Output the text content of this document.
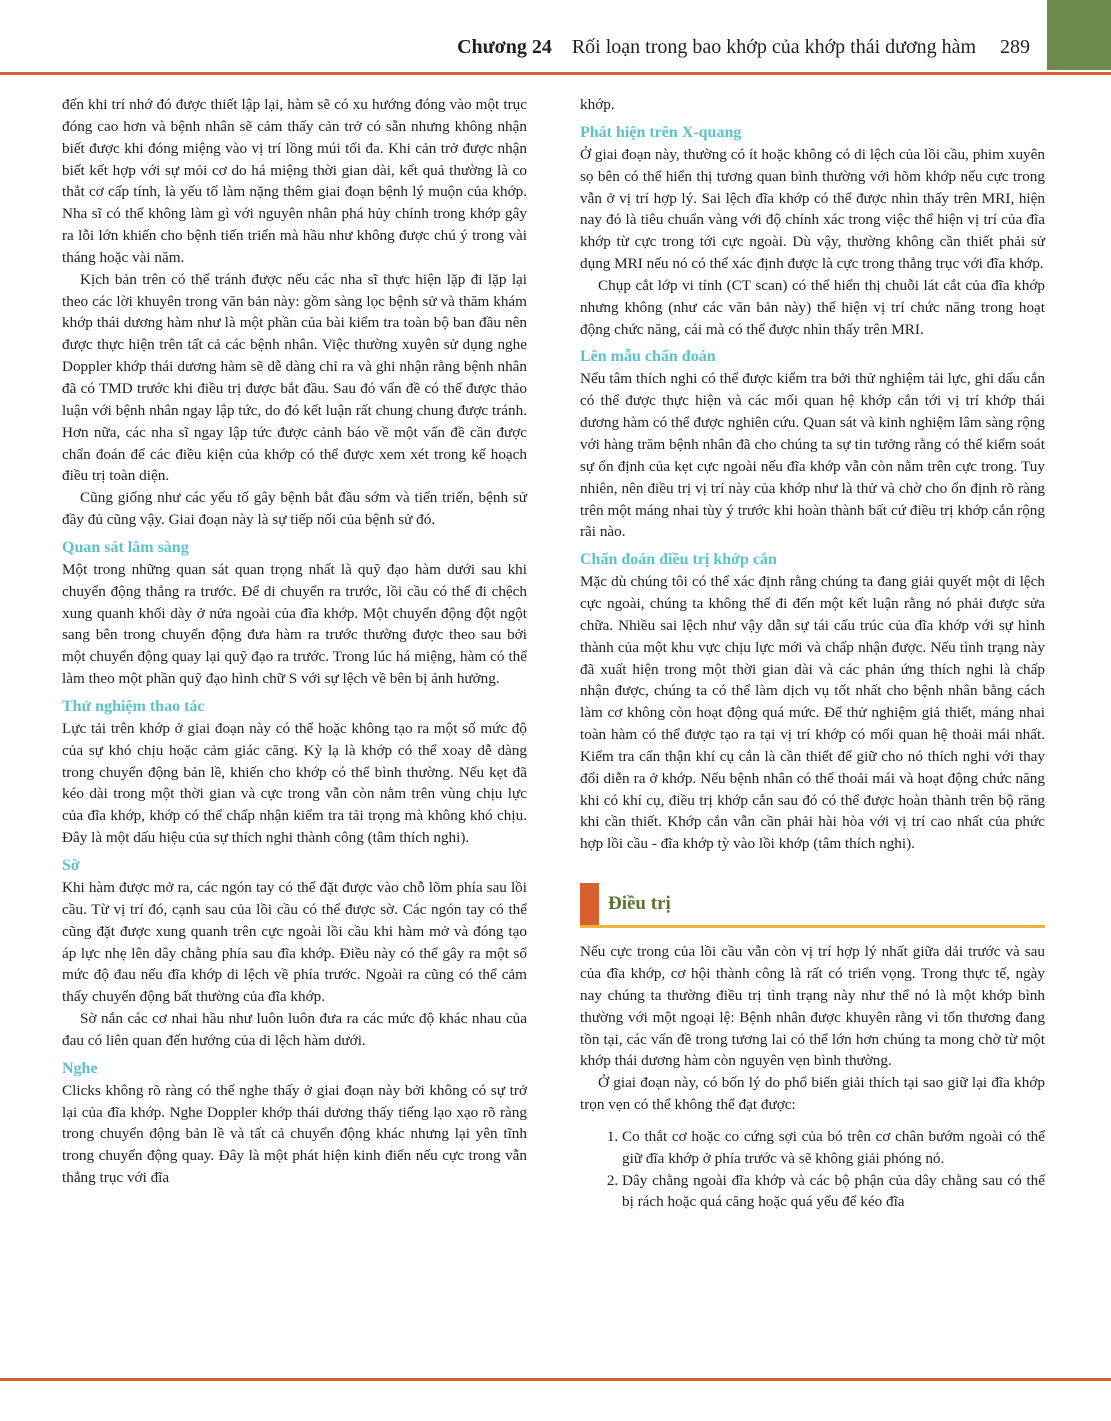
Chương 24 Rối loạn trong bao khớp của khớp thái dương hàm 289

đến khi trí nhớ đó được thiết lập lại, hàm sẽ có xu hướng đóng vào một trục đóng cao hơn và bệnh nhân sẽ cảm thấy cản trở có sẵn nhưng không nhận biết được khi đóng miệng vào vị trí lồng múi tối đa. Khi cản trở được nhận biết kết hợp với sự mỏi cơ do há miệng thời gian dài, kết quả thường là co thắt cơ cấp tính, là yếu tố làm nặng thêm giai đoạn bệnh lý muộn của khớp. Nha sĩ có thể không làm gì với nguyên nhân phá hủy chính trong khớp gây ra lỗi lớn khiến cho bệnh tiến triển mà hầu như không được chú ý trong vài tháng hoặc vài năm.

Kịch bản trên có thể tránh được nếu các nha sĩ thực hiện lặp đi lặp lại theo các lời khuyên trong văn bản này: gồm sàng lọc bệnh sử và thăm khám khớp thái dương hàm như là một phần của bài kiểm tra toàn bộ ban đầu nên được thực hiện trên tất cả các bệnh nhân. Việc thường xuyên sử dụng nghe Doppler khớp thái dương hàm sẽ dễ dàng chỉ ra và ghi nhận rằng bệnh nhân đã có TMD trước khi điều trị được bắt đầu. Sau đó vấn đề có thể được thảo luận với bệnh nhân ngay lập tức, do đó kết luận rất chung chung được tránh. Hơn nữa, các nha sĩ ngay lập tức được cảnh báo về một vấn đề cần được chẩn đoán để các điều kiện của khớp có thể được xem xét trong kế hoạch điều trị toàn diện.

Cũng giống như các yếu tố gây bệnh bắt đầu sớm và tiến triển, bệnh sử đầy đủ cũng vậy. Giai đoạn này là sự tiếp nối của bệnh sử đó.

Quan sát lâm sàng

Một trong những quan sát quan trọng nhất là quỹ đạo hàm dưới sau khi chuyển động thẳng ra trước. Để di chuyển ra trước, lồi cầu có thể đi chệch xung quanh khối dày ở nửa ngoài của đĩa khớp. Một chuyển động đột ngột sang bên trong chuyển động đưa hàm ra trước thường được theo sau bởi một chuyển động quay lại quỹ đạo ra trước. Trong lúc há miệng, hàm có thể làm theo một phần quỹ đạo hình chữ S với sự lệch về bên bị ảnh hưởng.

Thử nghiệm thao tác

Lực tải trên khớp ở giai đoạn này có thể hoặc không tạo ra một số mức độ của sự khó chịu hoặc cảm giác căng. Kỳ lạ là khớp có thể xoay dễ dàng trong chuyển động bản lề, khiến cho khớp có thể bình thường. Nếu kẹt đã kéo dài trong một thời gian và cực trong vẫn còn nằm trên vùng chịu lực của đĩa khớp, khớp có thể chấp nhận kiểm tra tải trọng mà không khó chịu. Đây là một dấu hiệu của sự thích nghi thành công (tâm thích nghi).

Sờ

Khi hàm được mở ra, các ngón tay có thể đặt được vào chỗ lõm phía sau lồi cầu. Từ vị trí đó, cạnh sau của lồi cầu có thể được sờ. Các ngón tay có thể cũng đặt được xung quanh trên cực ngoài lồi cầu khi hàm mở và đóng tạo áp lực nhẹ lên dây chằng phía sau đĩa khớp. Điều này có thể gây ra một số mức độ đau nếu đĩa khớp di lệch về phía trước. Ngoài ra cũng có thể cảm thấy chuyển động bất thường của đĩa khớp.

Sờ nắn các cơ nhai hầu như luôn luôn đưa ra các mức độ khác nhau của đau có liên quan đến hướng của di lệch hàm dưới.

Nghe

Clicks không rõ ràng có thể nghe thấy ở giai đoạn này bởi không có sự trở lại của đĩa khớp. Nghe Doppler khớp thái dương thấy tiếng lạo xạo rõ ràng trong chuyển động bản lề và tất cả chuyển động khác nhưng lại yên tĩnh trong chuyển động quay. Đây là một phát hiện kinh điển nếu cực trong vẫn thẳng trục với đĩa

khớp.

Phát hiện trên X-quang

Ở giai đoạn này, thường có ít hoặc không có di lệch của lồi cầu, phim xuyên sọ bên có thể hiển thị tương quan bình thường với hõm khớp nếu cực trong vẫn ở vị trí hợp lý. Sai lệch đĩa khớp có thể được nhìn thấy trên MRI, hiện nay đó là tiêu chuẩn vàng với độ chính xác trong việc thể hiện vị trí của đĩa khớp từ cực trong tới cực ngoài. Dù vậy, thường không cần thiết phải sử dụng MRI nếu nó có thể xác định được là cực trong thẳng trục với đĩa khớp.

Chụp cắt lớp vi tính (CT scan) có thể hiển thị chuỗi lát cắt của đĩa khớp nhưng không (như các văn bản này) thể hiện vị trí chức năng trong hoạt động chức năng, cái mà có thể được nhìn thấy trên MRI.

Lên mẫu chẩn đoán

Nếu tâm thích nghi có thể được kiểm tra bởi thử nghiệm tải lực, ghi dấu cắn có thể được thực hiện và các mối quan hệ khớp cắn tới vị trí khớp thái dương hàm có thể được nghiên cứu. Quan sát và kinh nghiệm lâm sàng rộng với hàng trăm bệnh nhân đã cho chúng ta sự tin tưởng rằng có thể kiểm soát sự ổn định của kẹt cực ngoài nếu đĩa khớp vẫn còn nằm trên cực trong. Tuy nhiên, nên điều trị vị trí này của khớp như là thử và chờ cho ổn định rõ ràng trên một máng nhai tùy ý trước khi hoàn thành bất cứ điều trị khớp cắn rộng rãi nào.

Chẩn đoán điều trị khớp cắn

Mặc dù chúng tôi có thể xác định rằng chúng ta đang giải quyết một di lệch cực ngoài, chúng ta không thể đi đến một kết luận rằng nó phải được sửa chữa. Nhiều sai lệch như vậy dẫn sự tái cấu trúc của đĩa khớp với sự hình thành của một khu vực chịu lực mới và chấp nhận được. Nếu tình trạng này đã xuất hiện trong một thời gian dài và các phản ứng thích nghi là chấp nhận được, chúng ta có thể làm dịch vụ tốt nhất cho bệnh nhân bằng cách làm cơ không còn hoạt động quá mức. Để thử nghiệm giả thiết, máng nhai toàn hàm có thể được tạo ra tại vị trí khớp có mối quan hệ thoải mái nhất. Kiểm tra cẩn thận khí cụ cắn là cần thiết để giữ cho nó thích nghi với thay đổi diễn ra ở khớp. Nếu bệnh nhân có thể thoải mái và hoạt động chức năng khi có khí cụ, điều trị khớp cắn sau đó có thể được hoàn thành trên bộ răng khi cần thiết. Khớp cắn vẫn cần phải hài hòa với vị trí cao nhất của phức hợp lồi cầu - đĩa khớp tỳ vào lồi khớp (tâm thích nghi).

Điều trị

Nếu cực trong của lồi cầu vẫn còn vị trí hợp lý nhất giữa dải trước và sau của đĩa khớp, cơ hội thành công là rất có triển vọng. Trong thực tế, ngày nay chúng ta thường điều trị tình trạng này như thể nó là một khớp bình thường với một ngoại lệ: Bệnh nhân được khuyên rằng vì tổn thương đang tồn tại, các vấn đề trong tương lai có thể lớn hơn chúng ta mong chờ từ một khớp thái dương hàm còn nguyên vẹn bình thường.

Ở giai đoạn này, có bốn lý do phổ biến giải thích tại sao giữ lại đĩa khớp trọn vẹn có thể không thể đạt được:

1. Co thắt cơ hoặc co cứng sợi của bó trên cơ chân bướm ngoài có thể giữ đĩa khớp ở phía trước và sẽ không giải phóng nó.
2. Dây chằng ngoài đĩa khớp và các bộ phận của dây chằng sau có thể bị rách hoặc quá căng hoặc quá yếu để kéo đĩa
